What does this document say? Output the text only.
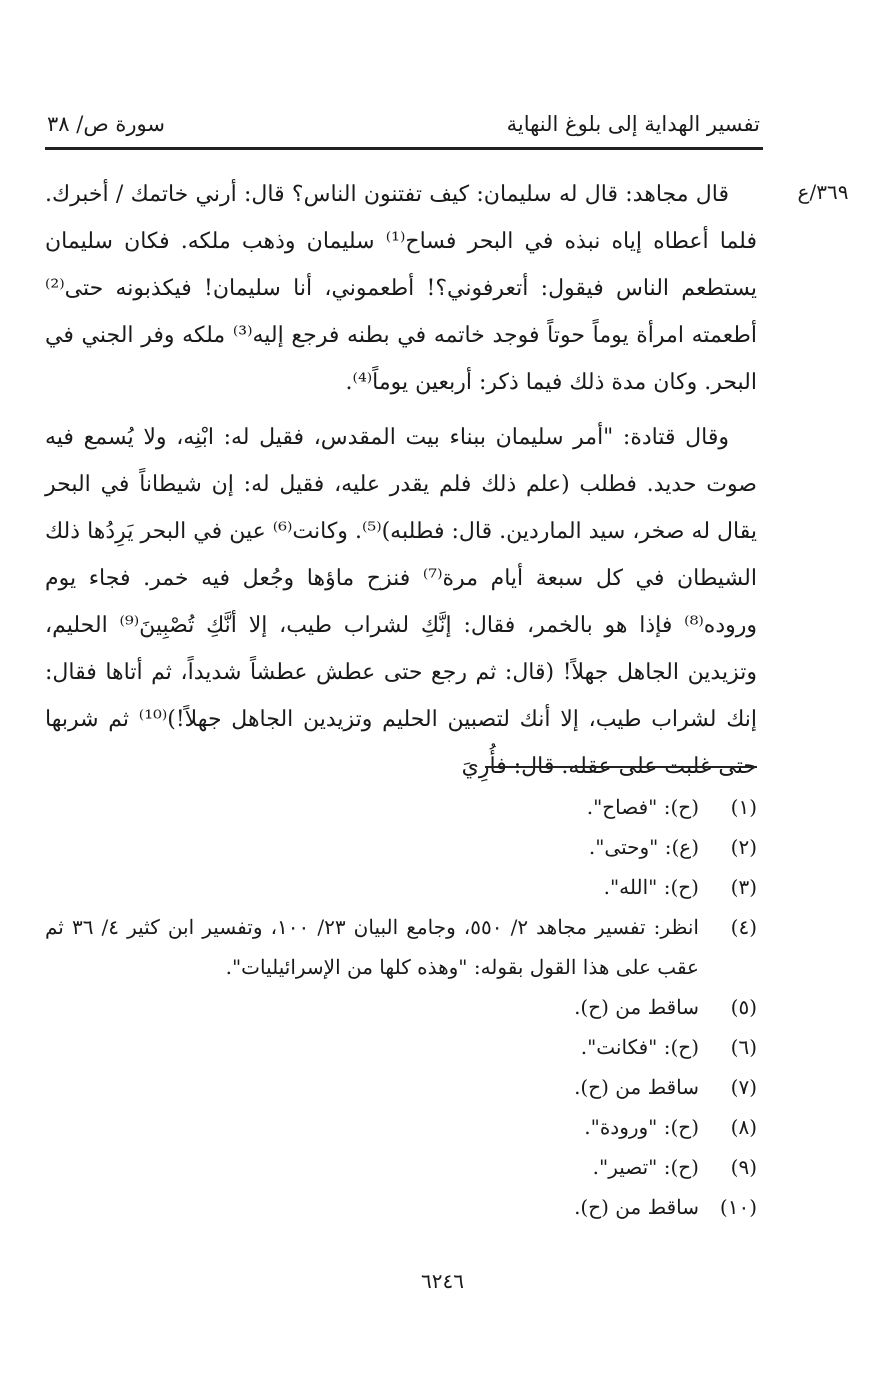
تفسير الهداية إلى بلوغ النهاية
سورة ص/ ٣٨
٣٦٩/ع

قال مجاهد: قال له سليمان: كيف تفتنون الناس؟ قال: أرني خاتمك / أخبرك. فلما أعطاه إياه نبذه في البحر فساح⁽¹⁾ سليمان وذهب ملكه. فكان سليمان يستطعم الناس فيقول: أتعرفوني؟! أطعموني، أنا سليمان! فيكذبونه حتى⁽²⁾ أطعمته امرأة يوماً حوتاً فوجد خاتمه في بطنه فرجع إليه⁽³⁾ ملكه وفر الجني في البحر. وكان مدة ذلك فيما ذكر: أربعين يوماً⁽⁴⁾.

وقال قتادة: "أمر سليمان ببناء بيت المقدس، فقيل له: ابْنِه، ولا يُسمع فيه صوت حديد. فطلب (علم ذلك فلم يقدر عليه، فقيل له: إن شيطاناً في البحر يقال له صخر، سيد الماردين. قال: فطلبه)⁽⁵⁾. وكانت⁽⁶⁾ عين في البحر يَرِدُها ذلك الشيطان في كل سبعة أيام مرة⁽⁷⁾ فنزح ماؤها وجُعل فيه خمر. فجاء يوم وروده⁽⁸⁾ فإذا هو بالخمر، فقال: إنَّكِ لشراب طيب، إلا أنَّكِ تُصْبِينَ⁽⁹⁾ الحليم، وتزيدين الجاهل جهلاً! (قال: ثم رجع حتى عطش عطشاً شديداً، ثم أتاها فقال: إنك لشراب طيب، إلا أنك لتصبين الحليم وتزيدين الجاهل جهلاً!)⁽¹⁰⁾ ثم شربها حتى غلبت على عقله. قال: فأُرِيَ

(١)
(ح): "فصاح".
(٢)
(ع): "وحتى".
(٣)
(ح): "الله".
(٤)
انظر: تفسير مجاهد ٢/ ٥٥٠، وجامع البيان ٢٣/ ١٠٠، وتفسير ابن كثير ٤/ ٣٦ ثم عقب على هذا القول بقوله: "وهذه كلها من الإسرائيليات".
(٥)
ساقط من (ح).
(٦)
(ح): "فكانت".
(٧)
ساقط من (ح).
(٨)
(ح): "ورودة".
(٩)
(ح): "تصير".
(١٠)
ساقط من (ح).
٦٢٤٦
